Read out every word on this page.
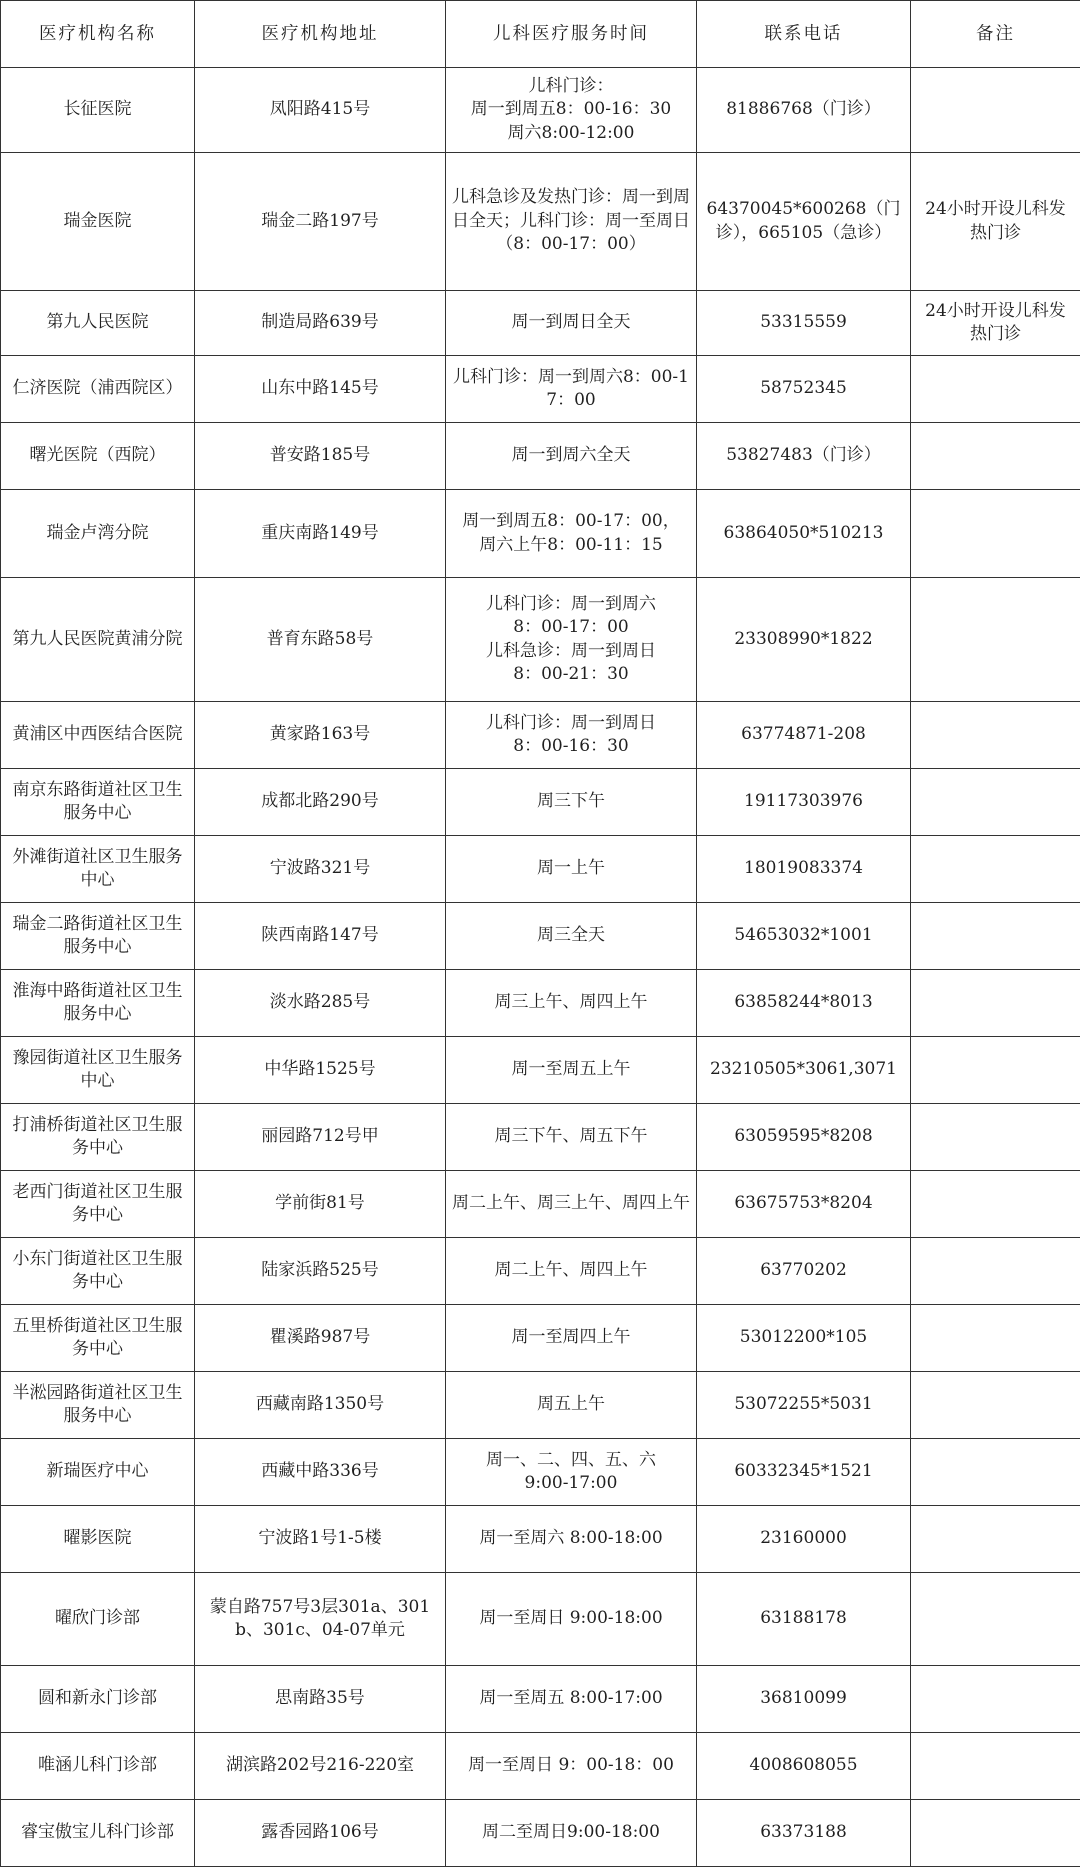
医疗机构名称	医疗机构地址	儿科医疗服务时间	联系电话	备注

长征医院	凤阳路415号	儿科门诊：
周一到周五8：00-16：30
周六8:00-12:00	81886768（门诊）	

瑞金医院	瑞金二路197号	儿科急诊及发热门诊：周一到周日全天；儿科门诊：周一至周日（8：00-17：00）	64370045*600268（门诊），665105（急诊）	24小时开设儿科发热门诊

第九人民医院	制造局路639号	周一到周日全天	53315559	24小时开设儿科发热门诊

仁济医院（浦西院区）	山东中路145号	儿科门诊：周一到周六8：00-17：00	58752345	

曙光医院（西院）	普安路185号	周一到周六全天	53827483（门诊）	

瑞金卢湾分院	重庆南路149号	周一到周五8：00-17：00，
周六上午8：00-11：15	63864050*510213	

第九人民医院黄浦分院	普育东路58号	儿科门诊：周一到周六
8：00-17：00
儿科急诊：周一到周日
8：00-21：30	23308990*1822	

黄浦区中西医结合医院	黄家路163号	儿科门诊：周一到周日
8：00-16：30	63774871-208	

南京东路街道社区卫生服务中心	成都北路290号	周三下午	19117303976	

外滩街道社区卫生服务中心	宁波路321号	周一上午	18019083374	

瑞金二路街道社区卫生服务中心	陕西南路147号	周三全天	54653032*1001	

淮海中路街道社区卫生服务中心	淡水路285号	周三上午、周四上午	63858244*8013	

豫园街道社区卫生服务中心	中华路1525号	周一至周五上午	23210505*3061,3071	

打浦桥街道社区卫生服务中心	丽园路712号甲	周三下午、周五下午	63059595*8208	

老西门街道社区卫生服务中心	学前街81号	周二上午、周三上午、周四上午	63675753*8204	

小东门街道社区卫生服务中心	陆家浜路525号	周二上午、周四上午	63770202	

五里桥街道社区卫生服务中心	瞿溪路987号	周一至周四上午	53012200*105	

半淞园路街道社区卫生服务中心	西藏南路1350号	周五上午	53072255*5031	

新瑞医疗中心	西藏中路336号	周一、二、四、五、六
9:00-17:00	60332345*1521	

曜影医院	宁波路1号1-5楼	周一至周六 8:00-18:00	23160000	

曜欣门诊部	蒙自路757号3层301a、301b、301c、04-07单元	周一至周日 9:00-18:00	63188178	

圆和新永门诊部	思南路35号	周一至周五 8:00-17:00	36810099	

唯涵儿科门诊部	湖滨路202号216-220室	周一至周日 9：00-18：00	4008608055	

睿宝傲宝儿科门诊部	露香园路106号	周二至周日9:00-18:00	63373188	
